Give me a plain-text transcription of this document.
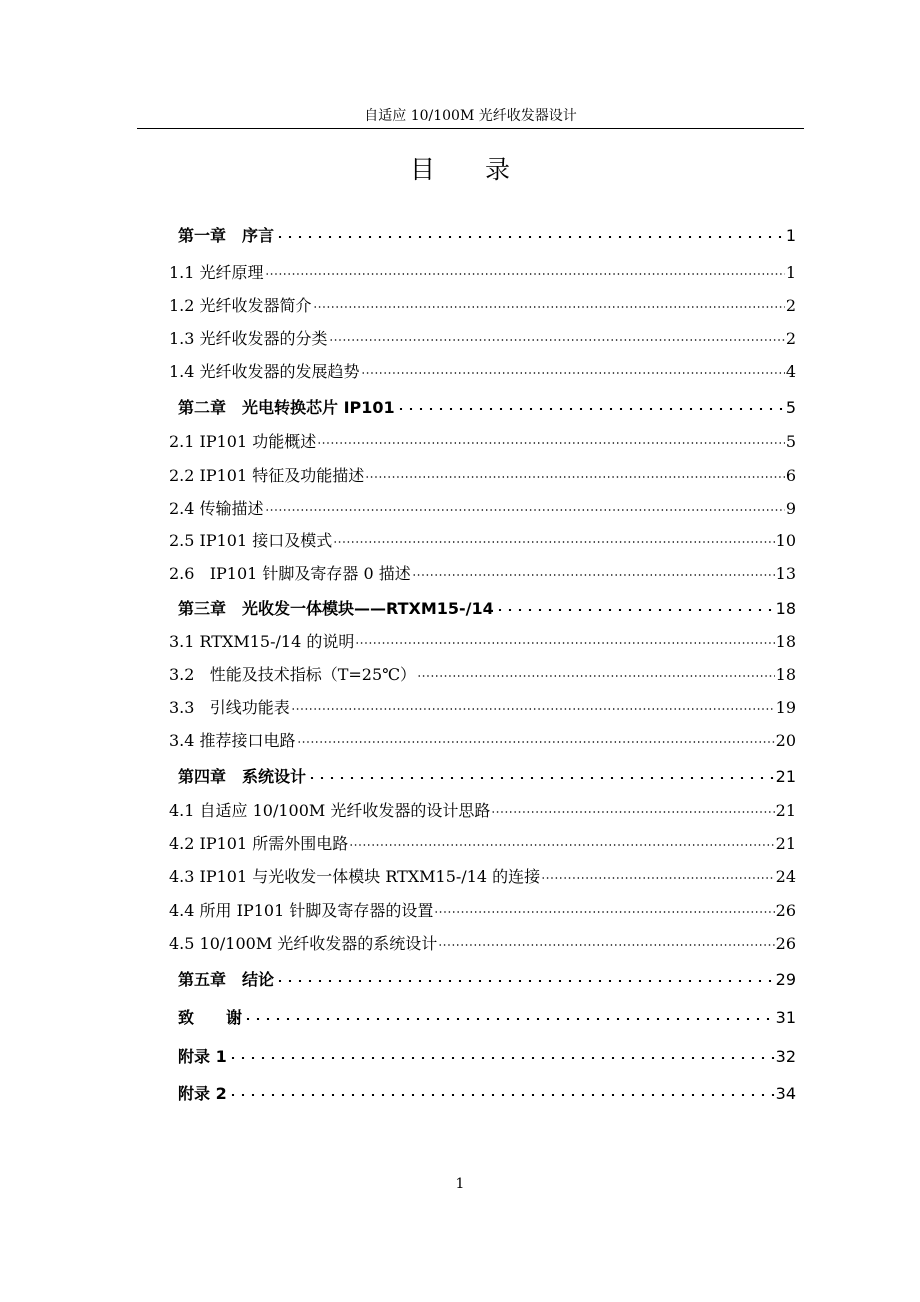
自适应 10/100M 光纤收发器设计
目录
第一章　序言	1
1.1 光纤原理	1
1.2 光纤收发器简介	2
1.3 光纤收发器的分类	2
1.4 光纤收发器的发展趋势	4
第二章　光电转换芯片 IP101	5
2.1 IP101 功能概述	5
2.2 IP101 特征及功能描述	6
2.4 传输描述	9
2.5 IP101 接口及模式	10
2.6   IP101 针脚及寄存器 0 描述	13
第三章　光收发一体模块——RTXM15-/14	18
3.1 RTXM15-/14 的说明	18
3.2   性能及技术指标（T=25℃）	18
3.3   引线功能表	19
3.4 推荐接口电路	20
第四章　系统设计	21
4.1 自适应 10/100M 光纤收发器的设计思路	21
4.2 IP101 所需外围电路	21
4.3 IP101 与光收发一体模块 RTXM15-/14 的连接	24
4.4 所用 IP101 针脚及寄存器的设置	26
4.5 10/100M 光纤收发器的系统设计	26
第五章　结论	29
致　　谢	31
附录 1	32
附录 2	34
1
